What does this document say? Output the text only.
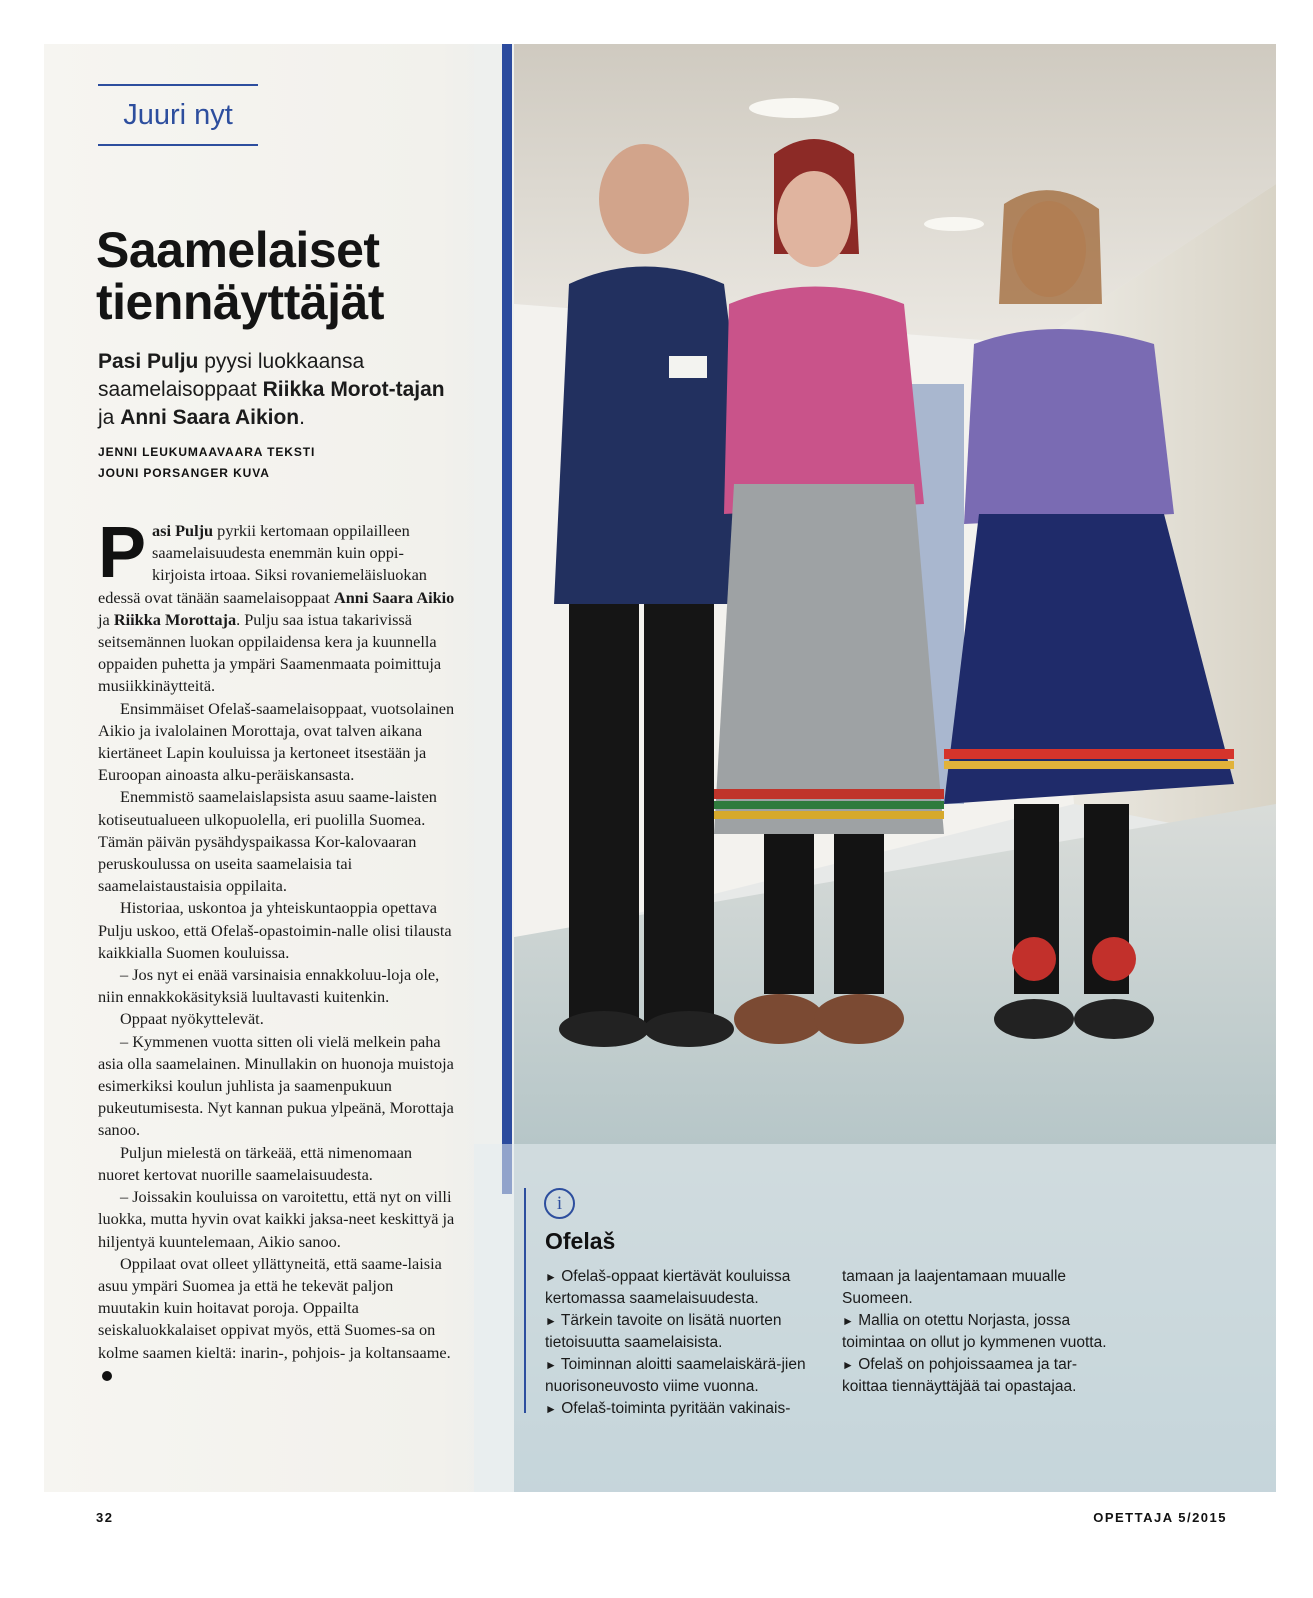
Juuri nyt
Saamelaiset
tiennäyttäjät
Pasi Pulju pyysi luokkaansa saamelaisoppaat Riikka Morot-tajan ja Anni Saara Aikion.
JENNI LEUKUMAAVAARA TEKSTI
JOUNI PORSANGER KUVA

Pasi Pulju pyrkii kertomaan oppilailleen saamelaisuudesta enemmän kuin oppi-kirjoista irtoaa. Siksi rovaniemeläisluokan edessä ovat tänään saamelaisoppaat Anni Saara Aikio ja Riikka Morottaja. Pulju saa istua takarivissä seitsemännen luokan oppilaidensa kera ja kuunnella oppaiden puhetta ja ympäri Saamenmaata poimittuja musiikkinäytteitä.

Ensimmäiset Ofelaš-saamelaisoppaat, vuotsolainen Aikio ja ivalolainen Morottaja, ovat talven aikana kiertäneet Lapin kouluissa ja kertoneet itsestään ja Euroopan ainoasta alku-peräiskansasta.

Enemmistö saamelaislapsista asuu saame-laisten kotiseutualueen ulkopuolella, eri puolilla Suomea. Tämän päivän pysähdyspaikassa Kor-kalovaaran peruskoulussa on useita saamelaisia tai saamelaistaustaisia oppilaita.

Historiaa, uskontoa ja yhteiskuntaoppia opettava Pulju uskoo, että Ofelaš-opastoimin-nalle olisi tilausta kaikkialla Suomen kouluissa.

– Jos nyt ei enää varsinaisia ennakkoluu-loja ole, niin ennakkokäsityksiä luultavasti kuitenkin.

Oppaat nyökyttelevät.

– Kymmenen vuotta sitten oli vielä melkein paha asia olla saamelainen. Minullakin on huonoja muistoja esimerkiksi koulun juhlista ja saamenpukuun pukeutumisesta. Nyt kannan pukua ylpeänä, Morottaja sanoo.

Puljun mielestä on tärkeää, että nimenomaan nuoret kertovat nuorille saamelaisuudesta.

– Joissakin kouluissa on varoitettu, että nyt on villi luokka, mutta hyvin ovat kaikki jaksa-neet keskittyä ja hiljentyä kuuntelemaan, Aikio sanoo.

Oppilaat ovat olleet yllättyneitä, että saame-laisia asuu ympäri Suomea ja että he tekevät paljon muutakin kuin hoitavat poroja. Oppailta seiskaluokkalaiset oppivat myös, että Suomes-sa on kolme saamen kieltä: inarin-, pohjois- ja koltansaame.

i
Ofelaš

► Ofelaš-oppaat kiertävät kouluissa kertomassa saamelaisuudesta.

► Tärkein tavoite on lisätä nuorten tietoisuutta saamelaisista.

► Toiminnan aloitti saamelaiskärä-jien nuorisoneuvosto viime vuonna.

► Ofelaš-toiminta pyritään vakinais-

tamaan ja laajentamaan muualle Suomeen.

► Mallia on otettu Norjasta, jossa toimintaa on ollut jo kymmenen vuotta.

► Ofelaš on pohjoissaamea ja tar-koittaa tiennäyttäjää tai opastajaa.

32	OPETTAJA 5/2015
